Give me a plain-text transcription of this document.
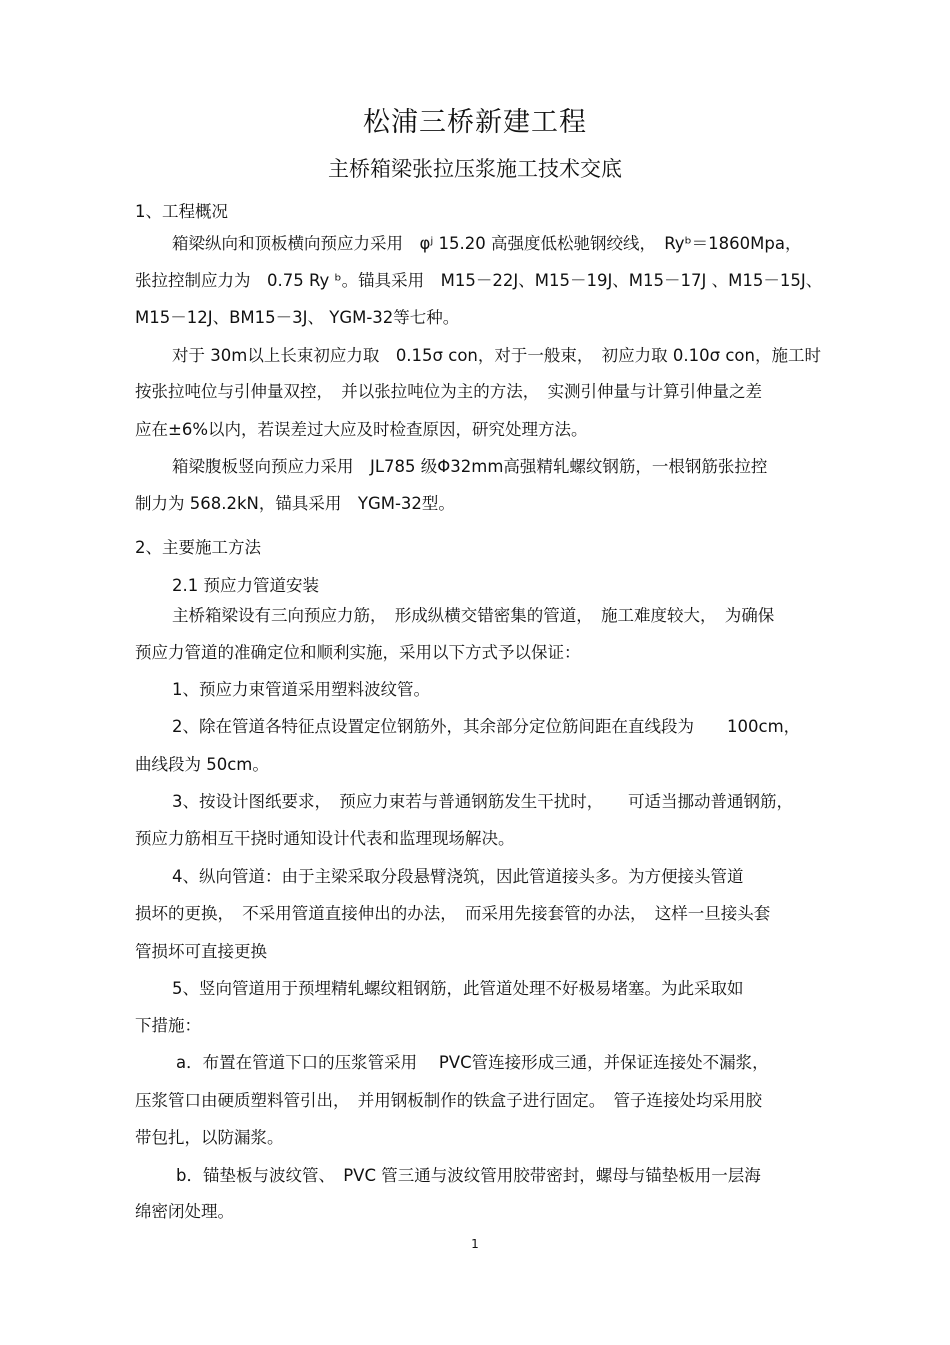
松浦三桥新建工程
主桥箱梁张拉压浆施工技术交底
1、工程概况
箱梁纵向和顶板横向预应力采用　φʲ 15.20 高强度低松驰钢绞线，　Ryᵇ＝1860Mpa，
张拉控制应力为　0.75 Ry ᵇ。锚具采用　M15－22J、M15－19J、M15－17J 、M15－15J、
M15－12J、BM15－3J、 YGM-32等七种。
对于 30m以上长束初应力取　0.15σ con，对于一般束，　初应力取 0.10σ con，施工时
按张拉吨位与引伸量双控，　并以张拉吨位为主的方法，　实测引伸量与计算引伸量之差
应在±6%以内，若误差过大应及时检查原因，研究处理方法。
箱梁腹板竖向预应力采用　JL785 级Φ32mm高强精轧螺纹钢筋，一根钢筋张拉控
制力为 568.2kN，锚具采用　YGM-32型。
2、主要施工方法
2.1 预应力管道安装
主桥箱梁设有三向预应力筋，　形成纵横交错密集的管道，　施工难度较大，　为确保
预应力管道的准确定位和顺利实施，采用以下方式予以保证：
1、预应力束管道采用塑料波纹管。
2、除在管道各特征点设置定位钢筋外，其余部分定位筋间距在直线段为　　100cm，
曲线段为 50cm。
3、按设计图纸要求，　预应力束若与普通钢筋发生干扰时，　　可适当挪动普通钢筋，
预应力筋相互干挠时通知设计代表和监理现场解决。
4、纵向管道：由于主梁采取分段悬臂浇筑，因此管道接头多。为方便接头管道
损坏的更换，　不采用管道直接伸出的办法，　而采用先接套管的办法，　这样一旦接头套
管损坏可直接更换
5、竖向管道用于预埋精轧螺纹粗钢筋，此管道处理不好极易堵塞。为此采取如
下措施：
a．布置在管道下口的压浆管采用　 PVC管连接形成三通，并保证连接处不漏浆，
压浆管口由硬质塑料管引出，　并用钢板制作的铁盒子进行固定。　管子连接处均采用胶
带包扎，以防漏浆。
b．锚垫板与波纹管、　PVC 管三通与波纹管用胶带密封，螺母与锚垫板用一层海
绵密闭处理。
1
